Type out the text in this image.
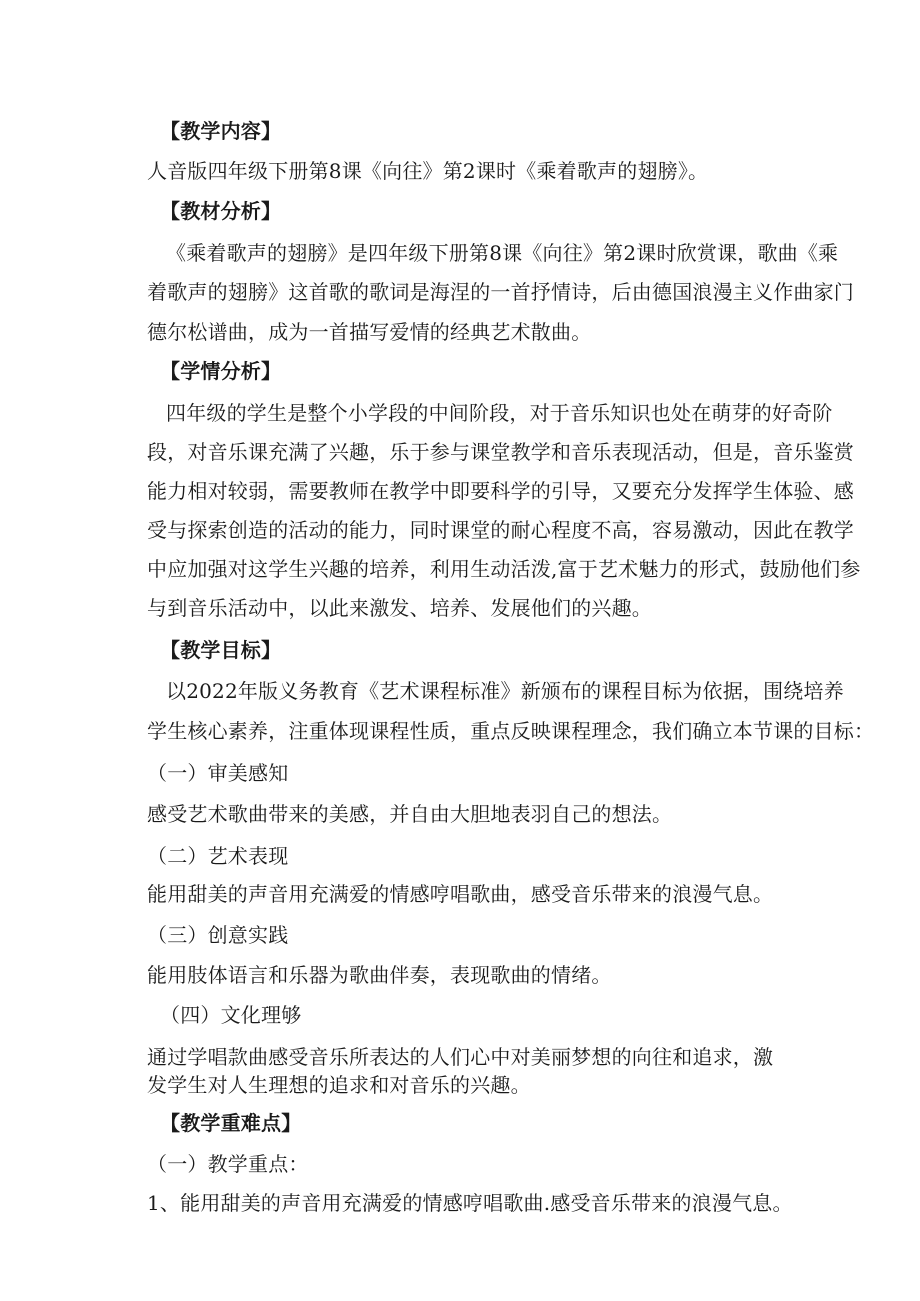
【教学内容】
人音版四年级下册第8课《向往》第2课时《乘着歌声的翅膀》。
【教材分析】
《乘着歌声的翅膀》是四年级下册第8课《向往》第2课时欣赏课，歌曲《乘
着歌声的翅膀》这首歌的歌词是海涅的一首抒情诗，后由德国浪漫主义作曲家门
德尔松谱曲，成为一首描写爱情的经典艺术散曲。
【学情分析】
四年级的学生是整个小学段的中间阶段，对于音乐知识也处在萌芽的好奇阶
段，对音乐课充满了兴趣，乐于参与课堂教学和音乐表现活动，但是，音乐鉴赏
能力相对较弱，需要教师在教学中即要科学的引导，又要充分发挥学生体验、感
受与探索创造的活动的能力，同时课堂的耐心程度不高，容易激动，因此在教学
中应加强对这学生兴趣的培养，利用生动活泼,富于艺术魅力的形式，鼓励他们参
与到音乐活动中，以此来激发、培养、发展他们的兴趣。
【教学目标】
以2022年版义务教育《艺术课程标准》新颁布的课程目标为依据，围绕培养
学生核心素养，注重体现课程性质，重点反映课程理念，我们确立本节课的目标：
（一）审美感知
感受艺术歌曲带来的美感，并自由大胆地表羽自己的想法。
（二）艺术表现
能用甜美的声音用充满爱的情感哼唱歌曲，感受音乐带来的浪漫气息。
（三）创意实践
能用肢体语言和乐器为歌曲伴奏，表现歌曲的情绪。
（四）文化理够
通过学唱款曲感受音乐所表达的人们心中对美丽梦想的向往和追求，激
发学生对人生理想的追求和对音乐的兴趣。
【教学重难点】
（一）教学重点：
1、能用甜美的声音用充满爱的情感哼唱歌曲.感受音乐带来的浪漫气息。
